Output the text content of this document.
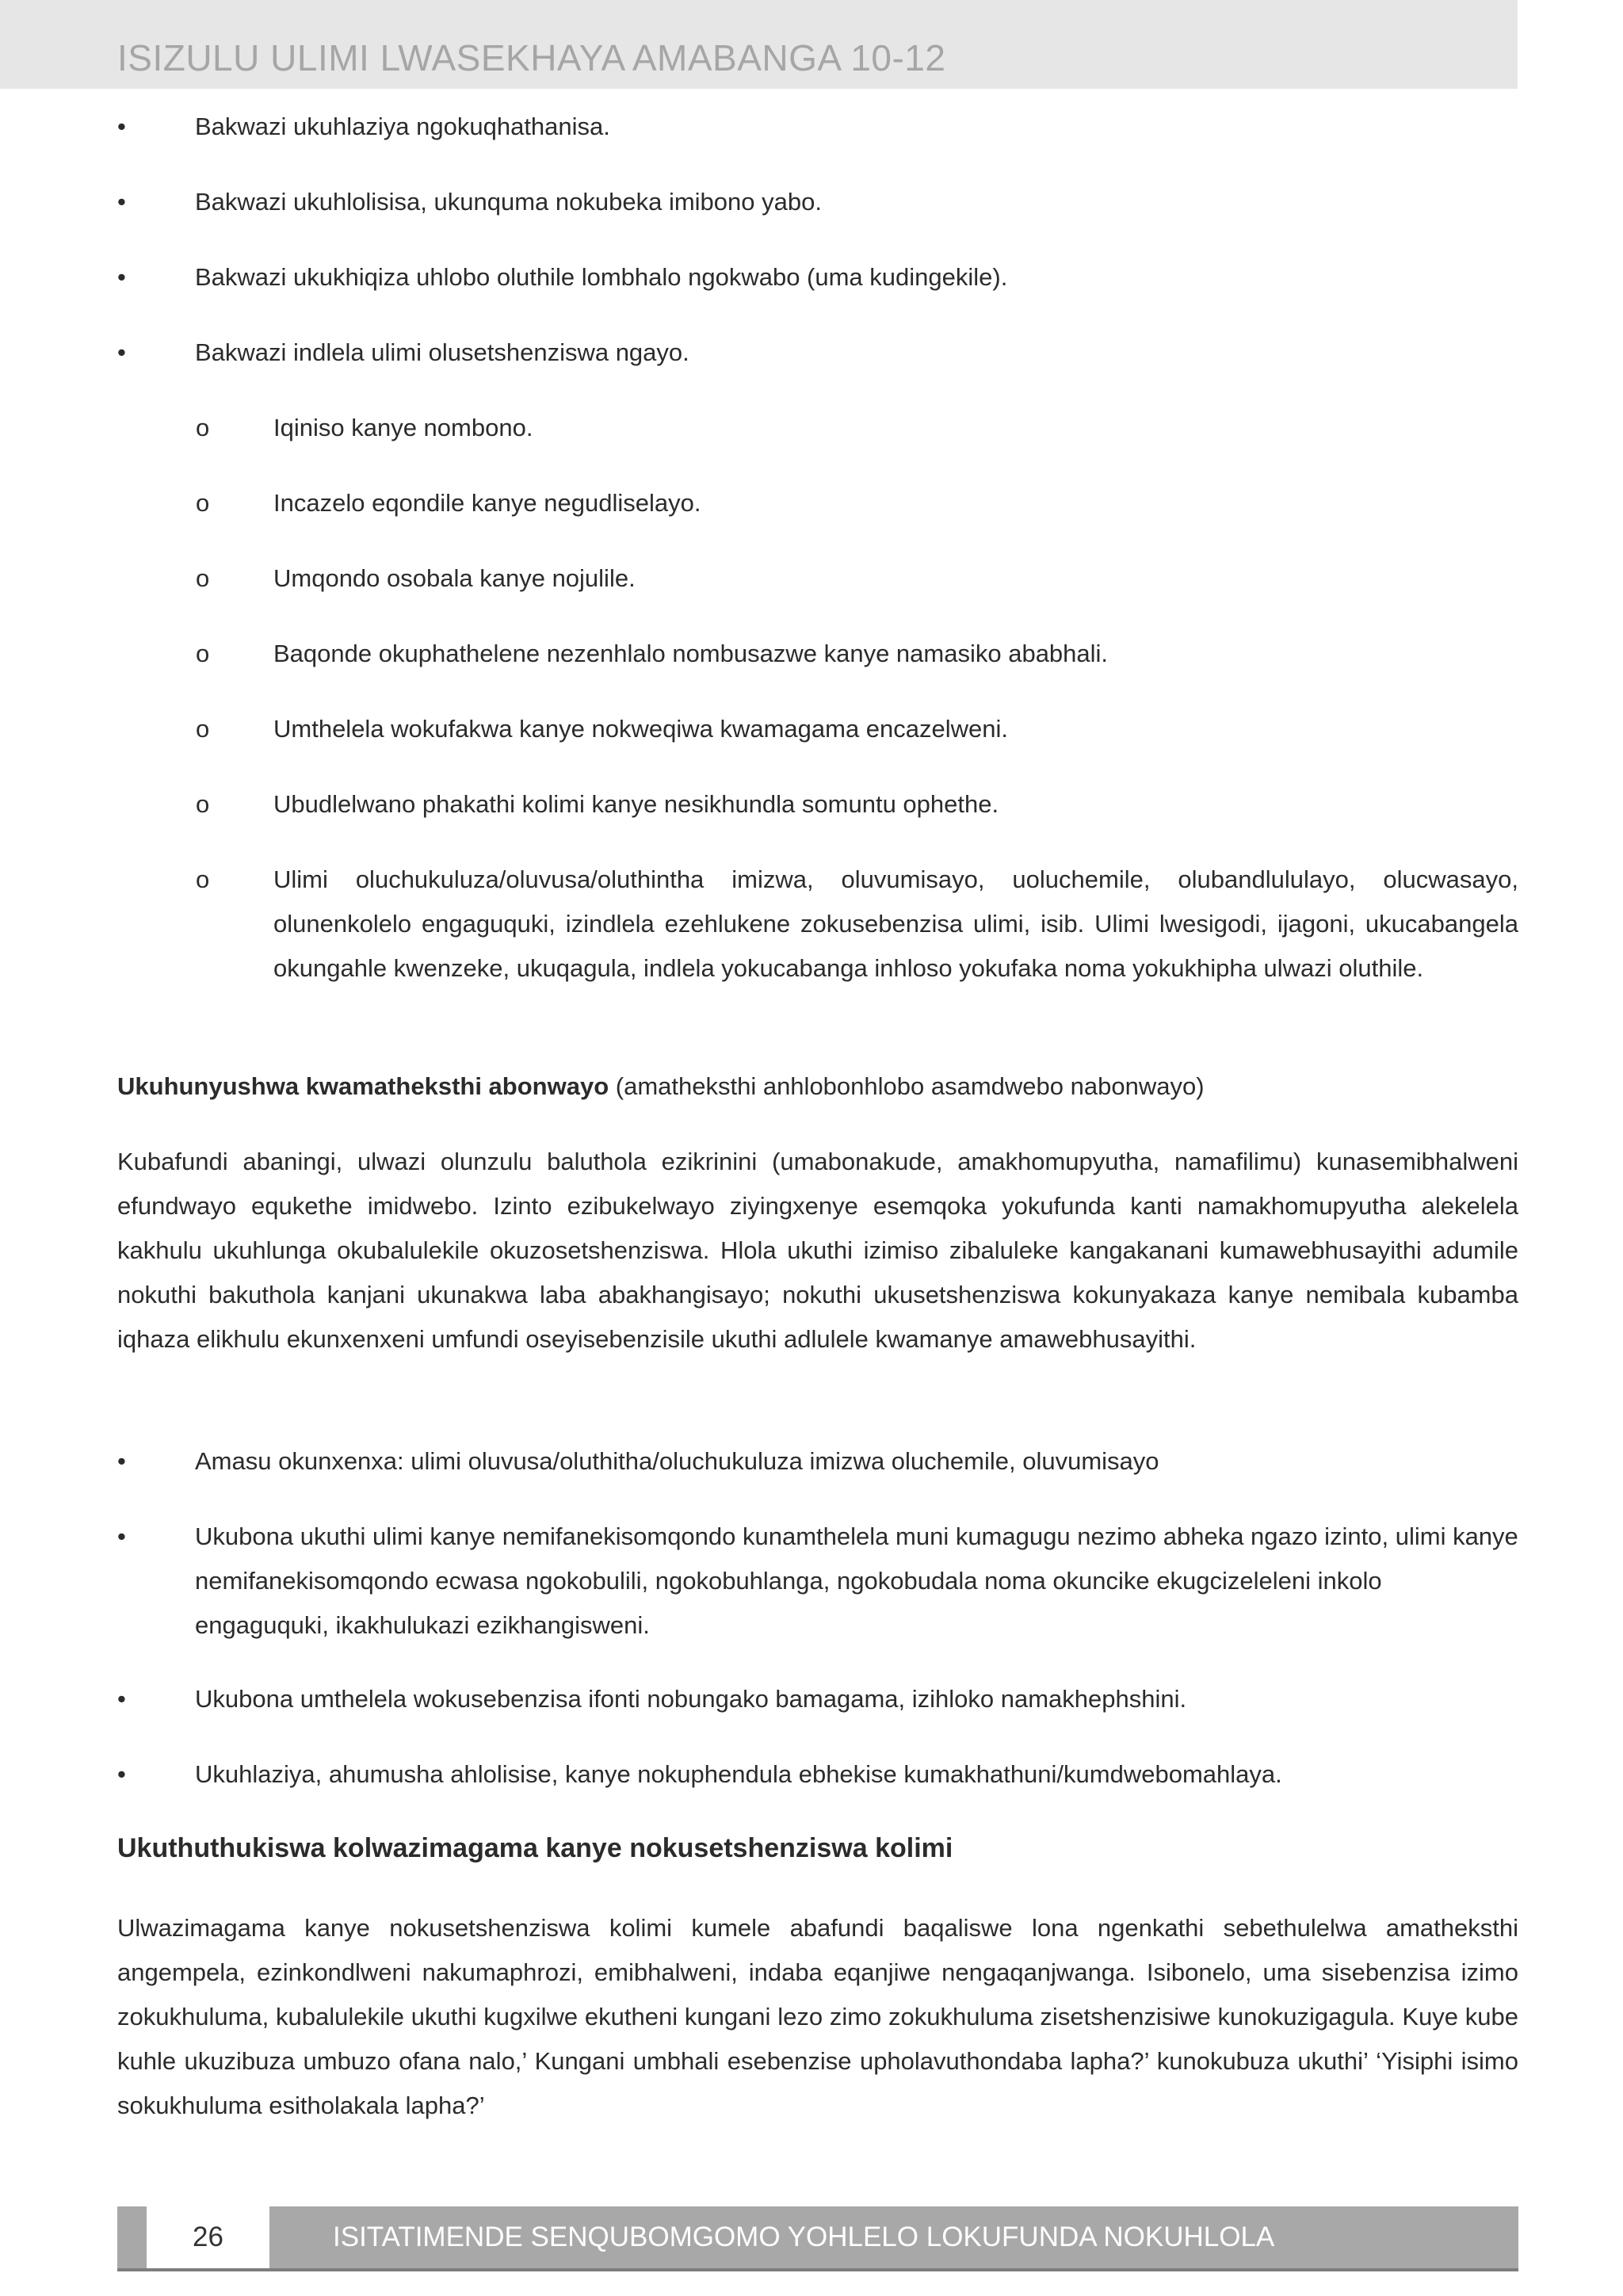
ISIZULU ULIMI LWASEKHAYA AMABANGA 10-12
•	Bakwazi ukuhlaziya ngokuqhathanisa.
•	Bakwazi ukuhlolisisa, ukunquma nokubeka imibono yabo.
•	Bakwazi ukukhiqiza uhlobo oluthile lombhalo ngokwabo (uma kudingekile).
•	Bakwazi indlela ulimi olusetshenziswa ngayo.
o	Iqiniso kanye nombono.
o	Incazelo eqondile kanye negudliselayo.
o	Umqondo osobala kanye nojulile.
o	Baqonde okuphathelene nezenhlalo nombusazwe kanye namasiko ababhali.
o	Umthelela wokufakwa kanye nokweqiwa kwamagama encazelweni.
o	Ubudlelwano phakathi kolimi kanye nesikhundla somuntu ophethe.
o	Ulimi oluchukuluza/oluvusa/oluthintha imizwa, oluvumisayo, uoluchemile, olubandlululayo, olucwasayo, olunenkolelo engaguquki, izindlela ezehlukene zokusebenzisa ulimi, isib. Ulimi lwesigodi, ijagoni, ukucabangela okungahle kwenzeke, ukuqagula, indlela yokucabanga inhloso yokufaka noma yokukhipha ulwazi oluthile.
Ukuhunyushwa kwamatheksthi abonwayo (amatheksthi anhlobonhlobo asamdwebo nabonwayo)
Kubafundi abaningi, ulwazi olunzulu baluthola ezikrinini (umabonakude, amakhomupyutha, namafilimu) kunasemibhalweni efundwayo equkethe imidwebo. Izinto ezibukelwayo ziyingxenye esemqoka yokufunda kanti namakhomupyutha alekelela kakhulu ukuhlunga okubalulekile okuzosetshenziswa. Hlola ukuthi izimiso zibaluleke kangakanani kumawebhusayithi adumile nokuthi bakuthola kanjani ukunakwa laba abakhangisayo; nokuthi ukusetshenziswa kokunyakaza kanye nemibala kubamba iqhaza elikhulu ekunxenxeni umfundi oseyisebenzisile ukuthi adlulele kwamanye amawebhusayithi.
•	Amasu okunxenxa: ulimi oluvusa/oluthitha/oluchukuluza imizwa oluchemile, oluvumisayo
•	Ukubona ukuthi ulimi kanye nemifanekisomqondo kunamthelela muni kumagugu nezimo abheka ngazo izinto, ulimi kanye nemifanekisomqondo ecwasa ngokobulili, ngokobuhlanga, ngokobudala noma okuncike ekugcizeleleni inkolo engaguquki, ikakhulukazi ezikhangisweni.
•	Ukubona umthelela wokusebenzisa ifonti nobungako bamagama, izihloko namakhephshini.
•	Ukuhlaziya, ahumusha ahlolisise, kanye nokuphendula ebhekise kumakhathuni/kumdwebomahlaya.
Ukuthuthukiswa kolwazimagama kanye nokusetshenziswa kolimi
Ulwazimagama kanye nokusetshenziswa kolimi kumele abafundi baqaliswe lona ngenkathi sebethulelwa amatheksthi angempela, ezinkondlweni nakumaphrozi, emibhalweni, indaba eqanjiwe nengaqanjwanga. Isibonelo, uma sisebenzisa izimo zokukhuluma, kubalulekile ukuthi kugxilwe ekutheni kungani lezo zimo zokukhuluma zisetshenzisiwe kunokuzigagula. Kuye kube kuhle ukuzibuza umbuzo ofana nalo,’ Kungani umbhali esebenzise upholavuthondaba lapha?’ kunokubuza ukuthi’ ‘Yisiphi isimo sokukhuluma esitholakala lapha?’
26	ISITATIMENDE SENQUBOMGOMO YOHLELO LOKUFUNDA NOKUHLOLA
